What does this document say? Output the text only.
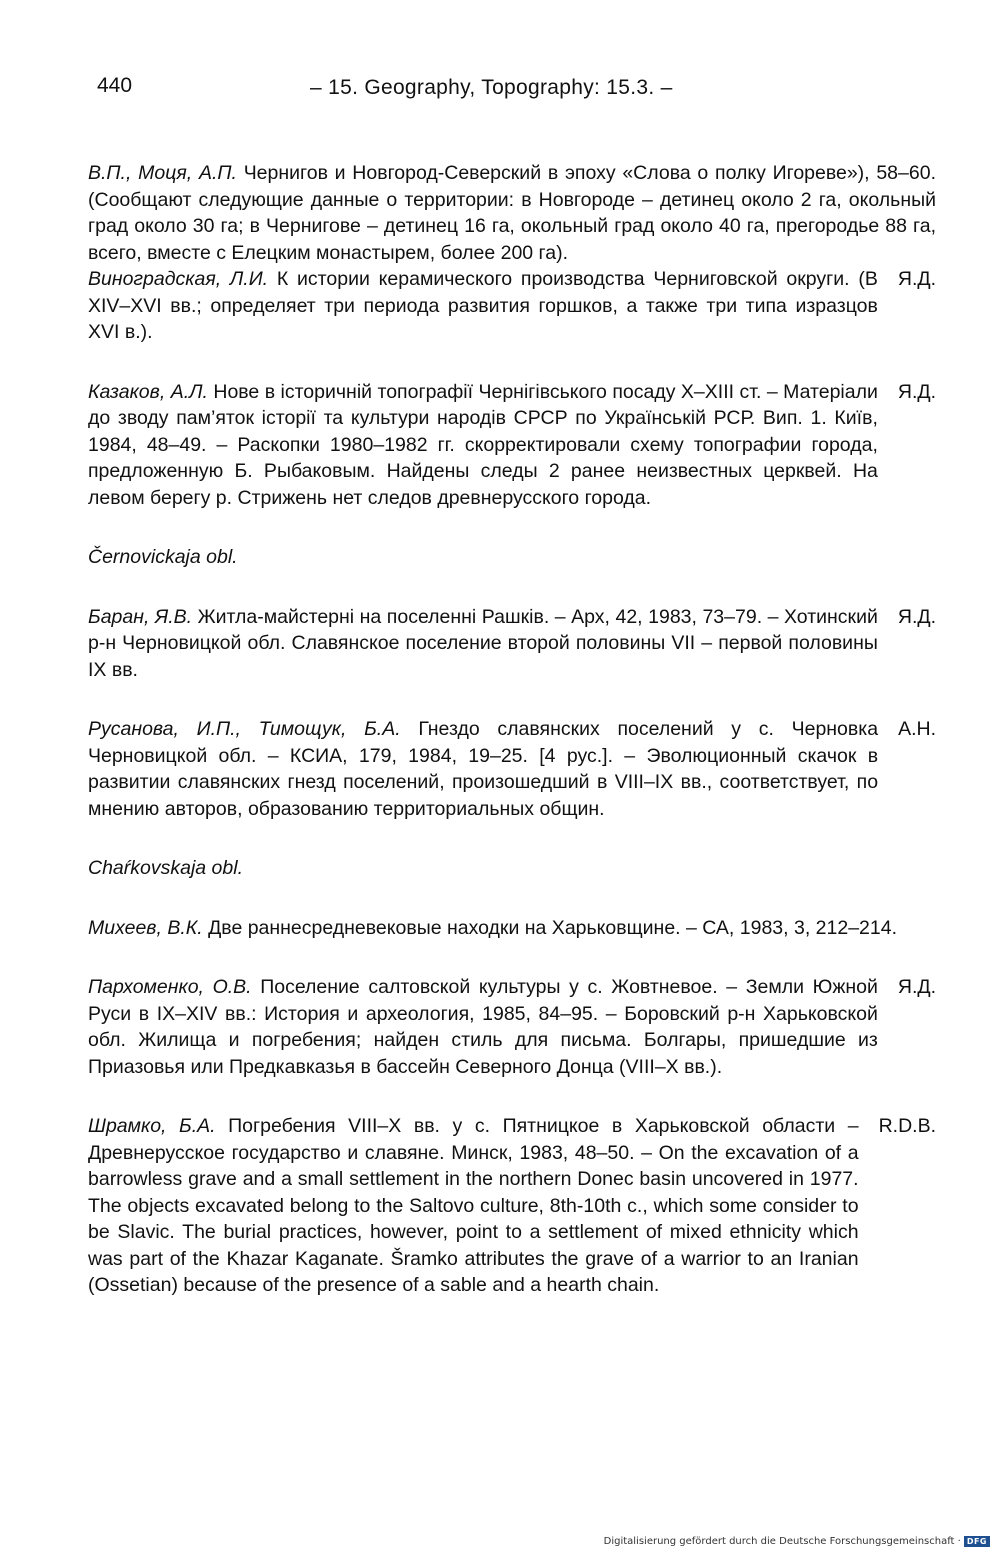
440	– 15. Geography, Topography: 15.3. –
В.П., Моця, А.П. Чернигов и Новгород-Северский в эпоху «Слова о полку Игореве»), 58–60. (Сообщают следующие данные о территории: в Новгороде – детинец около 2 га, окольный град около 30 га; в Чернигове – детинец 16 га, окольный град около 40 га, прегородье 88 га, всего, вместе с Елецким монастырем, более 200 га).
Виноградская, Л.И. К истории керамического производства Черниговской округи. (В XIV–XVI вв.; определяет три периода развития горшков, а также три типа изразцов XVI в.).
Я.Д.
Казаков, А.Л. Нове в історичній топографії Чернігівського посаду X–XIII ст. – Матеріали до зводу пам’яток історії та культури народів СРСР по Українській РСР. Вип. 1. Київ, 1984, 48–49. – Раскопки 1980–1982 гг. скорректировали схему топографии города, предложенную Б. Рыбаковым. Найдены следы 2 ранее неизвестных церквей. На левом берегу р. Стрижень нет следов древнерусского города.
Я.Д.
Černovickaja obl.
Баран, Я.В. Житла-майстерні на поселенні Рашків. – Арх, 42, 1983, 73–79. – Хотинский р-н Черновицкой обл. Славянское поселение второй половины VII – первой половины IX вв.
Я.Д.
Русанова, И.П., Тимощук, Б.А. Гнездо славянских поселений у с. Черновка Черновицкой обл. – КСИА, 179, 1984, 19–25. [4 рус.]. – Эволюционный скачок в развитии славянских гнезд поселений, произошедший в VIII–IX вв., соответствует, по мнению авторов, образованию территориальных общин.
А.Н.
Chaŕkovskaja obl.
Михеев, В.К. Две раннесредневековые находки на Харьковщине. – СА, 1983, 3, 212–214.
Пархоменко, О.В. Поселение салтовской культуры у с. Жовтневое. – Земли Южной Руси в IX–XIV вв.: История и археология, 1985, 84–95. – Боровский р-н Харьковской обл. Жилища и погребения; найден стиль для письма. Болгары, пришедшие из Приазовья или Предкавказья в бассейн Северного Донца (VIII–X вв.).
Я.Д.
Шрамко, Б.А. Погребения VIII–X вв. у с. Пятницкое в Харьковской области – Древнерусское государство и славяне. Минск, 1983, 48–50. – On the excavation of a barrowless grave and a small settlement in the northern Donec basin uncovered in 1977. The objects excavated belong to the Saltovo culture, 8th-10th c., which some consider to be Slavic. The burial practices, however, point to a settlement of mixed ethnicity which was part of the Khazar Kaganate. Šramko attributes the grave of a warrior to an Iranian (Ossetian) because of the presence of a sable and a hearth chain.
R.D.B.
Digitalisierung gefördert durch die Deutsche Forschungsgemeinschaft · DFG
